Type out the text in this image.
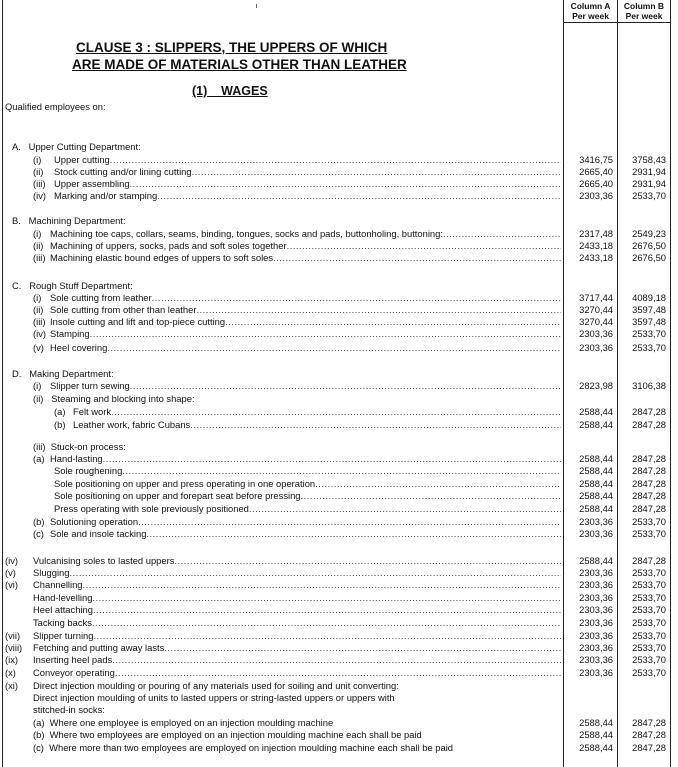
Column A
Per week
Column B
Per week
CLAUSE 3 : SLIPPERS, THE UPPERS OF WHICH
ARE MADE OF MATERIALS OTHER THAN LEATHER
(1)    WAGES
Qualified employees on:
A.   Upper Cutting Department:
(i) Upper cutting .....	3416,75	3758,43
(ii) Stock cutting and/or lining cutting .....	2665,40	2931,94
(iii) Upper assembling .....	2665,40	2931,94
(iv) Marking and/or stamping .....	2303,36	2533,70
B.   Machining Department:
(i) Machining toe caps, collars, seams, binding, tongues, socks and pads, buttonholing, buttoning: .....	2317,48	2549,23
(ii) Machining of uppers, socks, pads and soft soles together .....	2433,18	2676,50
(iii) Machining elastic bound edges of uppers to soft soles .....	2433,18	2676,50
C.   Rough Stuff Department:
(i) Sole cutting from leather .....	3717,44	4089,18
(ii) Sole cutting from other than leather .....	3270,44	3597,48
(iii) Insole cutting and lift and top-piece cutting .....	3270,44	3597,48
(iv) Stamping .....	2303,36	2533,70
(v) Heel covering .....	2303,36	2533,70
D.   Making Department:
(i) Slipper turn sewing .....	2823,98	3106,38
(ii)   Steaming and blocking into shape:
(a) Felt work .....	2588,44	2847,28
(b) Leather work, fabric Cubans .....	2588,44	2847,28
(iii)  Stuck-on process:
(a) Hand-lasting .....	2588,44	2847,28
Sole roughening .....	2588,44	2847,28
Sole positioning on upper and press operating in one operation .....	2588,44	2847,28
Sole positioning on upper and forepart seat before pressing .....	2588,44	2847,28
Press operating with sole previously positioned .....	2588,44	2847,28
(b) Solutioning operation .....	2303,36	2533,70
(c) Sole and insole tacking .....	2303,36	2533,70
(iv) Vulcanising soles to lasted uppers .....	2588,44	2847,28
(v) Slugging .....	2303,36	2533,70
(vi) Channelling .....	2303,36	2533,70
Hand-levelling .....	2303,36	2533,70
Heel attaching .....	2303,36	2533,70
Tacking backs .....	2303,36	2533,70
(vii) Slipper turning .....	2303,36	2533,70
(viii) Fetching and putting away lasts .....	2303,36	2533,70
(ix) Inserting heel pads .....	2303,36	2533,70
(x) Conveyor operating .....	2303,36	2533,70
(xi) Direct injection moulding or pouring of any materials used for soiling and unit converting:
Direct injection moulding of units to lasted uppers or string-lasted uppers or uppers with
stitched-in socks:
(a)  Where one employee is employed on an injection moulding machine	2588,44	2847,28
(b)  Where two employees are employed on an injection moulding machine each shall be paid	2588,44	2847,28
(c)  Where more than two employees are employed on injection moulding machine each shall be paid	2588,44	2847,28
